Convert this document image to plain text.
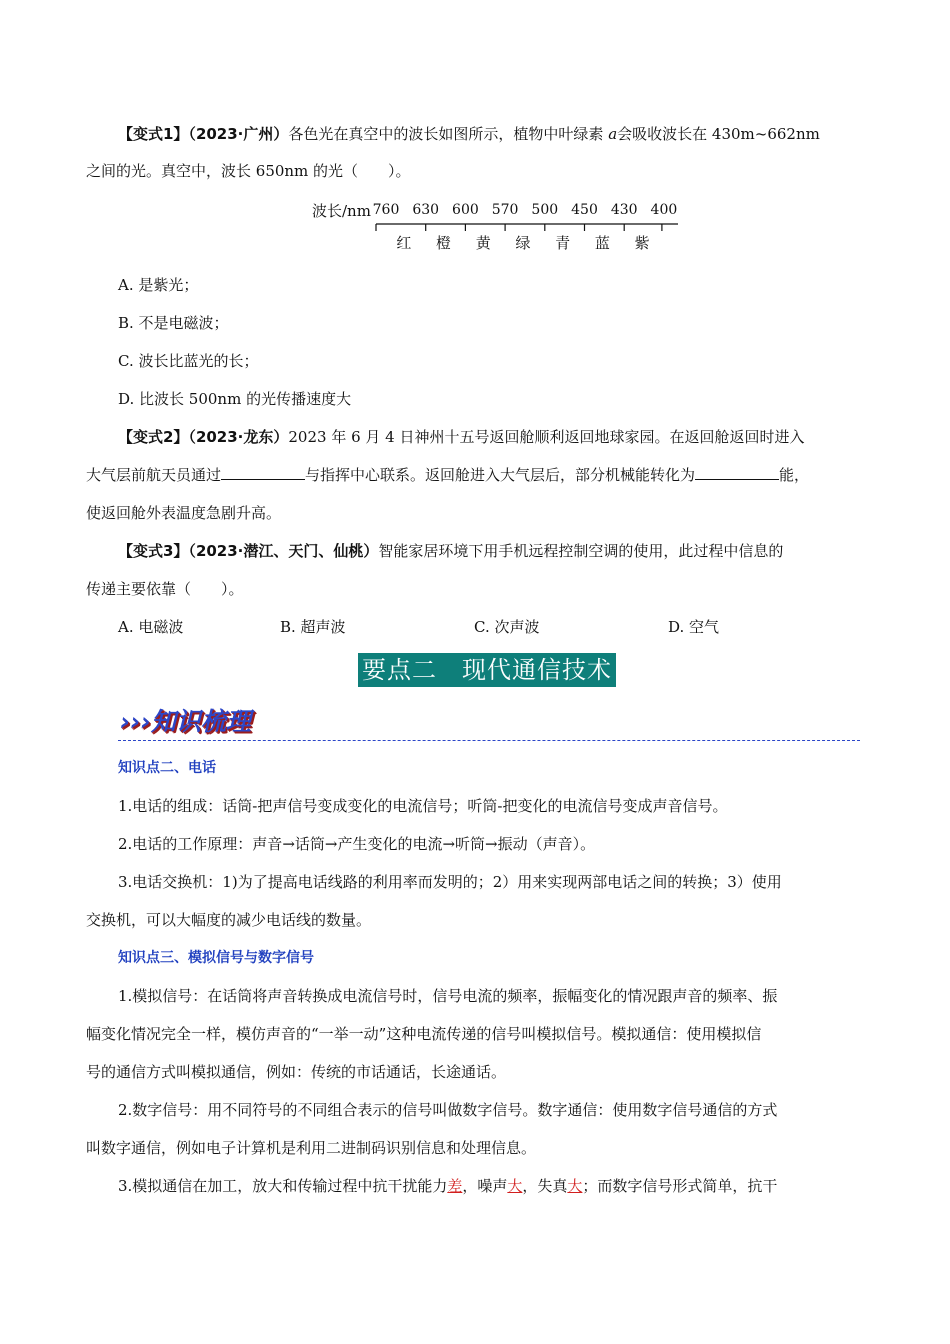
【变式1】（2023·广州）各色光在真空中的波长如图所示，植物中叶绿素 a会吸收波长在 430m~662nm
之间的光。真空中，波长 650nm 的光（　　）。
波长/nm 760 630 600 570 500 450 430 400
红 橙 黄 绿 青 蓝 紫
A. 是紫光；
B. 不是电磁波；
C. 波长比蓝光的长；
D. 比波长 500nm 的光传播速度大
【变式2】（2023·龙东）2023 年 6 月 4 日神州十五号返回舱顺利返回地球家园。在返回舱返回时进入
大气层前航天员通过	与指挥中心联系。返回舱进入大气层后，部分机械能转化为	能，
使返回舱外表温度急剧升高。
【变式3】（2023·潜江、天门、仙桃）智能家居环境下用手机远程控制空调的使用，此过程中信息的
传递主要依靠（　　）。
A. 电磁波	B. 超声波	C. 次声波	D. 空气
要点二　现代通信技术
›››知识梳理
知识点二、电话
1.电话的组成：话筒-把声信号变成变化的电流信号；听筒-把变化的电流信号变成声音信号。
2.电话的工作原理：声音→话筒→产生变化的电流→听筒→振动（声音）。
3.电话交换机：1)为了提高电话线路的利用率而发明的；2）用来实现两部电话之间的转换；3）使用
交换机，可以大幅度的减少电话线的数量。
知识点三、模拟信号与数字信号
1.模拟信号：在话筒将声音转换成电流信号时，信号电流的频率，振幅变化的情况跟声音的频率、振
幅变化情况完全一样，模仿声音的“一举一动”这种电流传递的信号叫模拟信号。模拟通信：使用模拟信
号的通信方式叫模拟通信，例如：传统的市话通话，长途通话。
2.数字信号：用不同符号的不同组合表示的信号叫做数字信号。数字通信：使用数字信号通信的方式
叫数字通信，例如电子计算机是利用二进制码识别信息和处理信息。
3.模拟通信在加工，放大和传输过程中抗干扰能力差，噪声大，失真大；而数字信号形式简单，抗干
